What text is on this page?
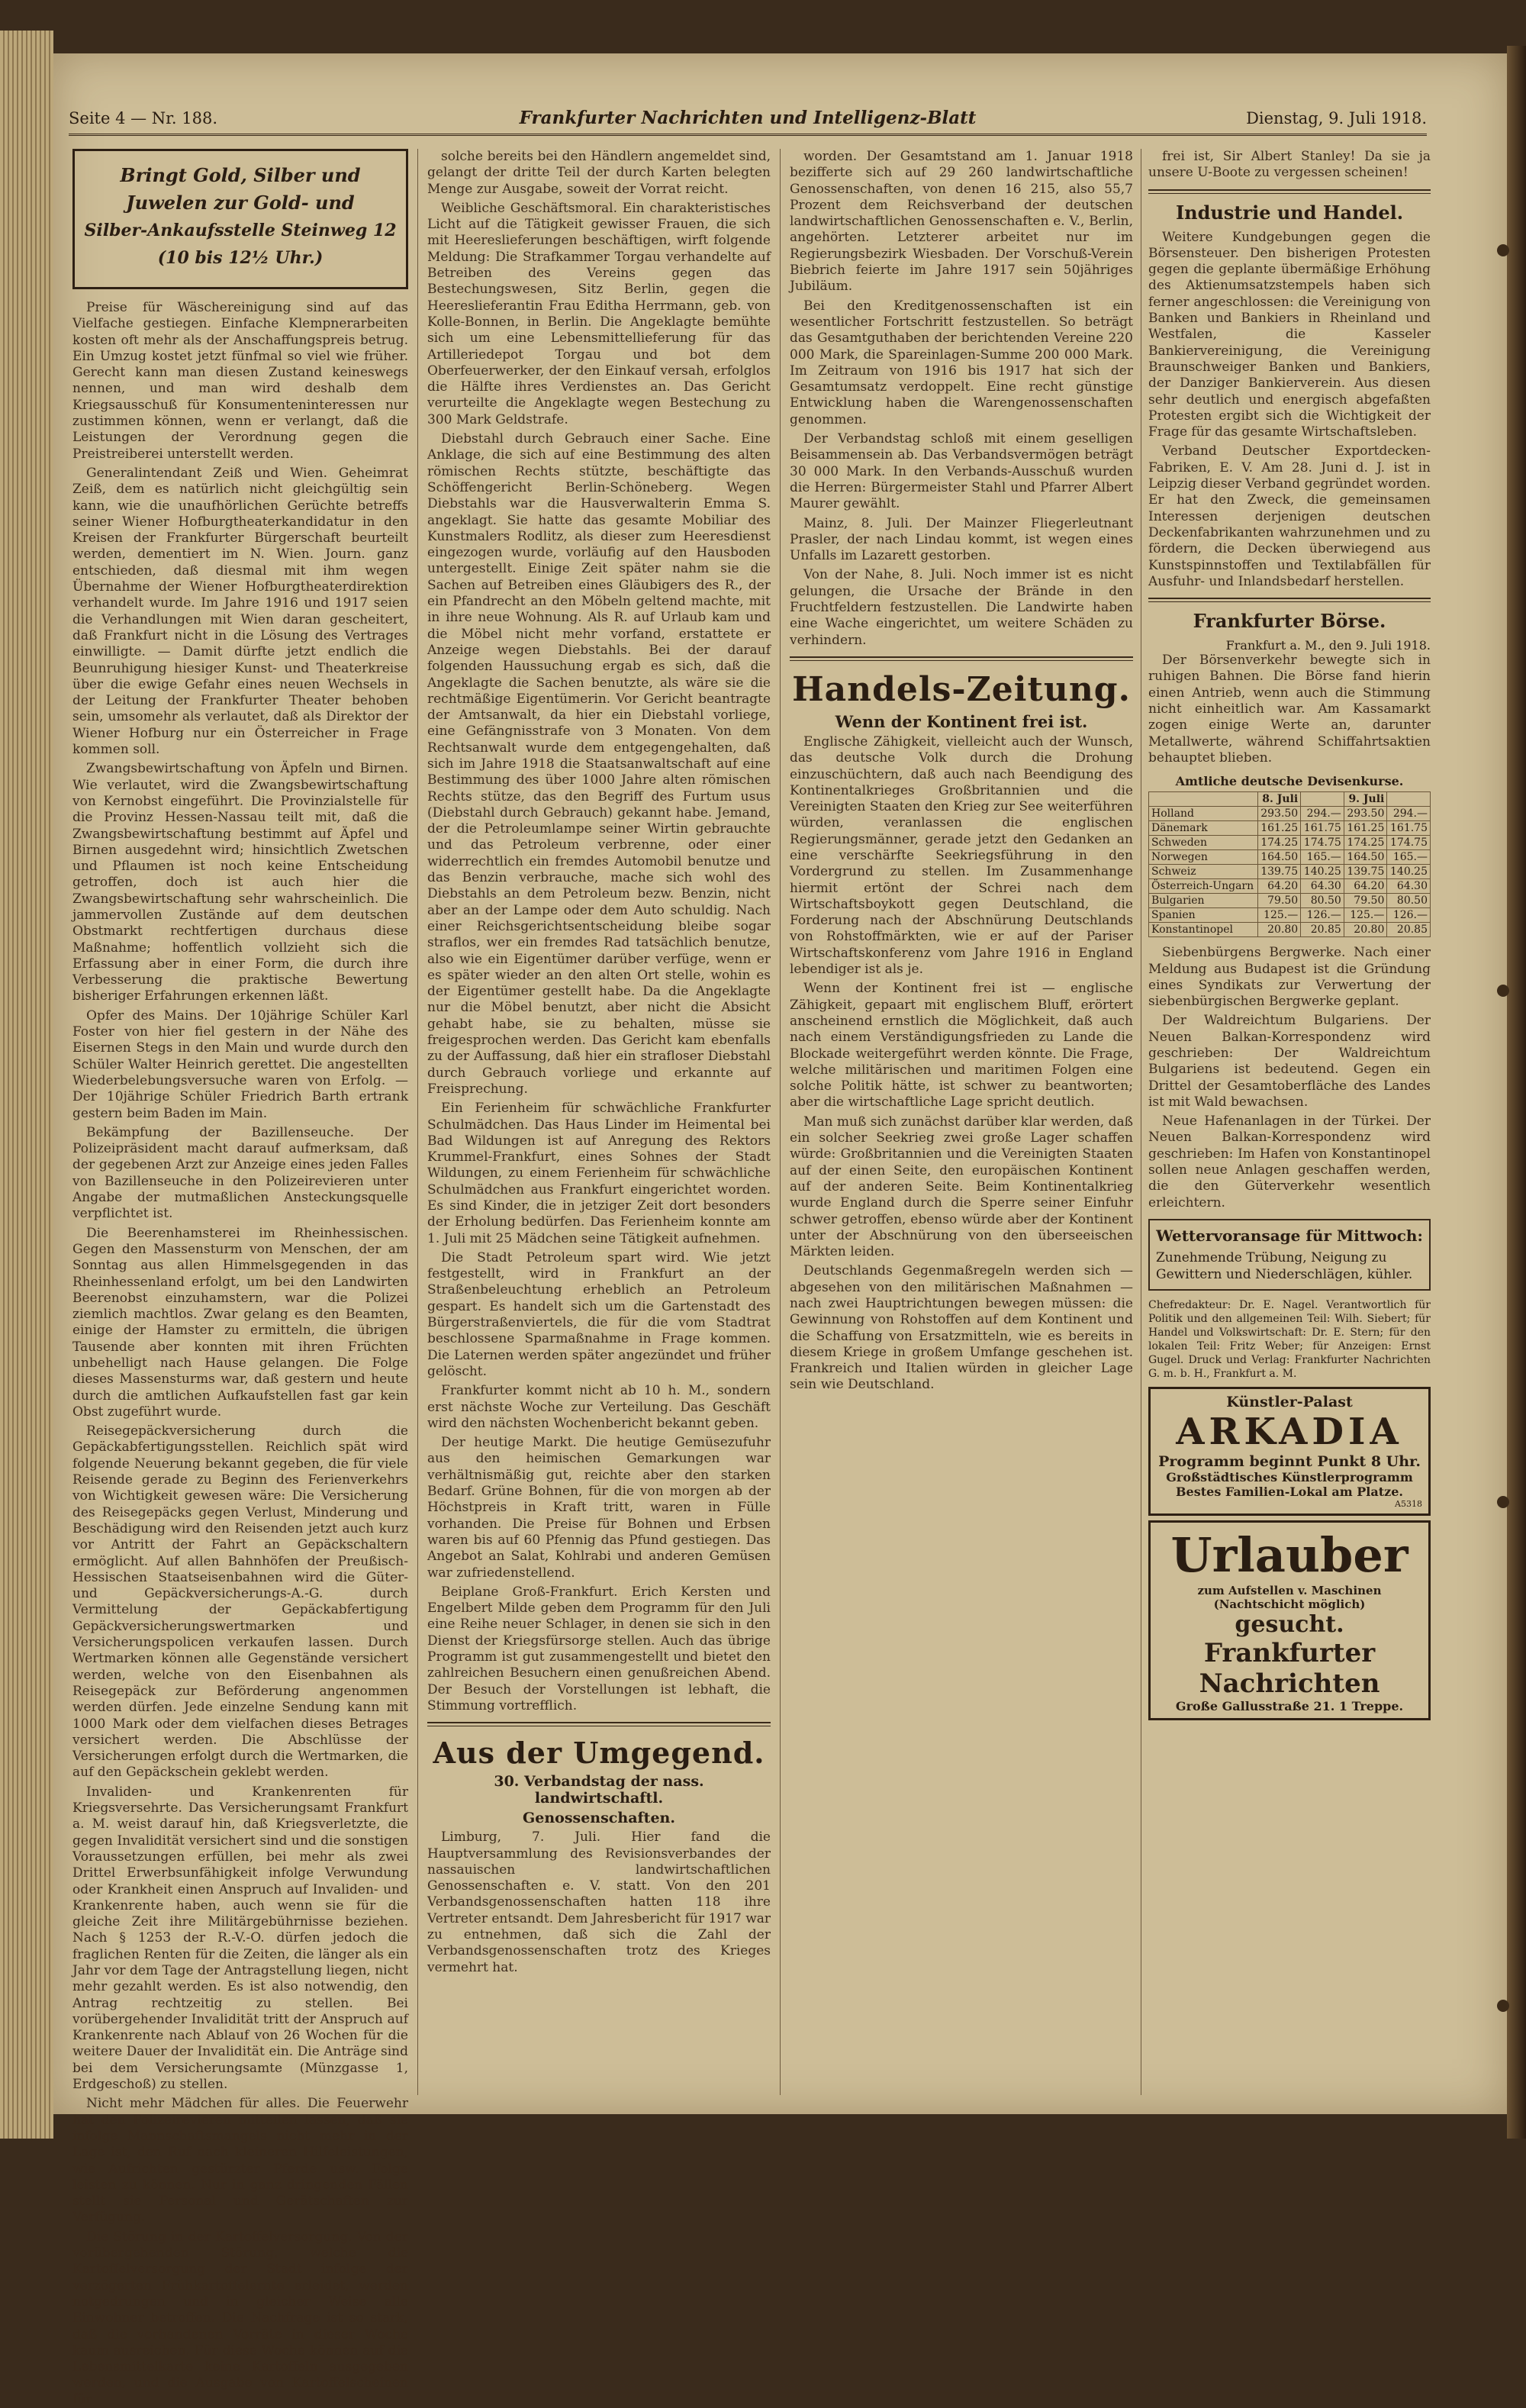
Seite 4 — Nr. 188.	Frankfurter Nachrichten und Intelligenz-Blatt	Dienstag, 9. Juli 1918.
Bringt Gold, Silber und
Juwelen zur Gold- und
Silber-Ankaufsstelle Steinweg 12
(10 bis 12½ Uhr.)

Preise für Wäschereinigung sind auf das Vielfache gestiegen. Einfache Klempnerarbeiten kosten oft mehr als der Anschaffungspreis betrug. Ein Umzug kostet jetzt fünfmal so viel wie früher. Gerecht kann man diesen Zustand keineswegs nennen, und man wird deshalb dem Kriegsausschuß für Konsumenteninteressen nur zustimmen können, wenn er verlangt, daß die Leistungen der Verordnung gegen die Preistreiberei unterstellt werden.

Generalintendant Zeiß und Wien. Geheimrat Zeiß, dem es natürlich nicht gleichgültig sein kann, wie die unaufhörlichen Gerüchte betreffs seiner Wiener Hofburgtheaterkandidatur in den Kreisen der Frankfurter Bürgerschaft beurteilt werden, dementiert im N. Wien. Journ. ganz entschieden, daß diesmal mit ihm wegen Übernahme der Wiener Hofburgtheaterdirektion verhandelt wurde. Im Jahre 1916 und 1917 seien die Verhandlungen mit Wien daran gescheitert, daß Frankfurt nicht in die Lösung des Vertrages einwilligte. — Damit dürfte jetzt endlich die Beunruhigung hiesiger Kunst- und Theaterkreise über die ewige Gefahr eines neuen Wechsels in der Leitung der Frankfurter Theater behoben sein, umsomehr als verlautet, daß als Direktor der Wiener Hofburg nur ein Österreicher in Frage kommen soll.

Zwangsbewirtschaftung von Äpfeln und Birnen. Wie verlautet, wird die Zwangsbewirtschaftung von Kernobst eingeführt. Die Provinzialstelle für die Provinz Hessen-Nassau teilt mit, daß die Zwangsbewirtschaftung bestimmt auf Äpfel und Birnen ausgedehnt wird; hinsichtlich Zwetschen und Pflaumen ist noch keine Entscheidung getroffen, doch ist auch hier die Zwangsbewirtschaftung sehr wahrscheinlich. Die jammervollen Zustände auf dem deutschen Obstmarkt rechtfertigen durchaus diese Maßnahme; hoffentlich vollzieht sich die Erfassung aber in einer Form, die durch ihre Verbesserung die praktische Bewertung bisheriger Erfahrungen erkennen läßt.

Opfer des Mains. Der 10jährige Schüler Karl Foster von hier fiel gestern in der Nähe des Eisernen Stegs in den Main und wurde durch den Schüler Walter Heinrich gerettet. Die angestellten Wiederbelebungsversuche waren von Erfolg. — Der 10jährige Schüler Friedrich Barth ertrank gestern beim Baden im Main.

Bekämpfung der Bazillenseuche. Der Polizeipräsident macht darauf aufmerksam, daß der gegebenen Arzt zur Anzeige eines jeden Falles von Bazillenseuche in den Polizeirevieren unter Angabe der mutmaßlichen Ansteckungsquelle verpflichtet ist.

Die Beerenhamsterei im Rheinhessischen. Gegen den Massensturm von Menschen, der am Sonntag aus allen Himmelsgegenden in das Rheinhessenland erfolgt, um bei den Landwirten Beerenobst einzuhamstern, war die Polizei ziemlich machtlos. Zwar gelang es den Beamten, einige der Hamster zu ermitteln, die übrigen Tausende aber konnten mit ihren Früchten unbehelligt nach Hause gelangen. Die Folge dieses Massensturms war, daß gestern und heute durch die amtlichen Aufkaufstellen fast gar kein Obst zugeführt wurde.

Reisegepäckversicherung durch die Gepäckabfertigungsstellen. Reichlich spät wird folgende Neuerung bekannt gegeben, die für viele Reisende gerade zu Beginn des Ferienverkehrs von Wichtigkeit gewesen wäre: Die Versicherung des Reisegepäcks gegen Verlust, Minderung und Beschädigung wird den Reisenden jetzt auch kurz vor Antritt der Fahrt an Gepäckschaltern ermöglicht. Auf allen Bahnhöfen der Preußisch-Hessischen Staatseisenbahnen wird die Güter- und Gepäckversicherungs-A.-G. durch Vermittelung der Gepäckabfertigung Gepäckversicherungswertmarken und Versicherungspolicen verkaufen lassen. Durch Wertmarken können alle Gegenstände versichert werden, welche von den Eisenbahnen als Reisegepäck zur Beförderung angenommen werden dürfen. Jede einzelne Sendung kann mit 1000 Mark oder dem vielfachen dieses Betrages versichert werden. Die Abschlüsse der Versicherungen erfolgt durch die Wertmarken, die auf den Gepäckschein geklebt werden.

Invaliden- und Krankenrenten für Kriegsversehrte. Das Versicherungsamt Frankfurt a. M. weist darauf hin, daß Kriegsverletzte, die gegen Invalidität versichert sind und die sonstigen Voraussetzungen erfüllen, bei mehr als zwei Drittel Erwerbsunfähigkeit infolge Verwundung oder Krankheit einen Anspruch auf Invaliden- und Krankenrente haben, auch wenn sie für die gleiche Zeit ihre Militärgebührnisse beziehen. Nach § 1253 der R.-V.-O. dürfen jedoch die fraglichen Renten für die Zeiten, die länger als ein Jahr vor dem Tage der Antragstellung liegen, nicht mehr gezahlt werden. Es ist also notwendig, den Antrag rechtzeitig zu stellen. Bei vorübergehender Invalidität tritt der Anspruch auf Krankenrente nach Ablauf von 26 Wochen für die weitere Dauer der Invalidität ein. Die Anträge sind bei dem Versicherungsamte (Münzgasse 1, Erdgeschoß) zu stellen.

Nicht mehr Mädchen für alles. Die Feuerwehr hat den Polizeirevieren mitteilen lassen, daß sie infolge Mannschaftsmangels nicht mehr in der Lage ist, den Ruf nach kleineren Hilfeleistungen, wie Aufrichten gestürzter Pferde usw. Folge leisten zu können. Nur in ganz dringenden Fällen stellt sie Personal und Gerätschaften zur Verfügung.

Die Störung in der Kartoffelversorgung. Von der vorübergehenden Störung, welche die Kartoffelversorgung der Stadt infolge der verzögerten Frühkartoffelernte erleidet, werden notgedrungen und in gleicher Weise alle Einwohner betroffen. Die Nachfrage ist so stark, daß die vorhandenen Vorräte in dieser Woche kaum ausreichen. Für diese Woche können auf die Lebensmittelkarte keine Kartoffeln ausgegeben werden, und die Ausgabe von Kartoffelscheinen für

solche bereits bei den Händlern angemeldet sind, gelangt der dritte Teil der durch Karten belegten Menge zur Ausgabe, soweit der Vorrat reicht.

Weibliche Geschäftsmoral. Ein charakteristisches Licht auf die Tätigkeit gewisser Frauen, die sich mit Heereslieferungen beschäftigen, wirft folgende Meldung: Die Strafkammer Torgau verhandelte auf Betreiben des Vereins gegen das Bestechungswesen, Sitz Berlin, gegen die Heereslieferantin Frau Editha Herrmann, geb. von Kolle-Bonnen, in Berlin. Die Angeklagte bemühte sich um eine Lebensmittellieferung für das Artilleriedepot Torgau und bot dem Oberfeuerwerker, der den Einkauf versah, erfolglos die Hälfte ihres Verdienstes an. Das Gericht verurteilte die Angeklagte wegen Bestechung zu 300 Mark Geldstrafe.

Diebstahl durch Gebrauch einer Sache. Eine Anklage, die sich auf eine Bestimmung des alten römischen Rechts stützte, beschäftigte das Schöffengericht Berlin-Schöneberg. Wegen Diebstahls war die Hausverwalterin Emma S. angeklagt. Sie hatte das gesamte Mobiliar des Kunstmalers Rodlitz, als dieser zum Heeresdienst eingezogen wurde, vorläufig auf den Hausboden untergestellt. Einige Zeit später nahm sie die Sachen auf Betreiben eines Gläubigers des R., der ein Pfandrecht an den Möbeln geltend machte, mit in ihre neue Wohnung. Als R. auf Urlaub kam und die Möbel nicht mehr vorfand, erstattete er Anzeige wegen Diebstahls. Bei der darauf folgenden Haussuchung ergab es sich, daß die Angeklagte die Sachen benutzte, als wäre sie die rechtmäßige Eigentümerin. Vor Gericht beantragte der Amtsanwalt, da hier ein Diebstahl vorliege, eine Gefängnisstrafe von 3 Monaten. Von dem Rechtsanwalt wurde dem entgegengehalten, daß sich im Jahre 1918 die Staatsanwaltschaft auf eine Bestimmung des über 1000 Jahre alten römischen Rechts stütze, das den Begriff des Furtum usus (Diebstahl durch Gebrauch) gekannt habe. Jemand, der die Petroleumlampe seiner Wirtin gebrauchte und das Petroleum verbrenne, oder einer widerrechtlich ein fremdes Automobil benutze und das Benzin verbrauche, mache sich wohl des Diebstahls an dem Petroleum bezw. Benzin, nicht aber an der Lampe oder dem Auto schuldig. Nach einer Reichsgerichtsentscheidung bleibe sogar straflos, wer ein fremdes Rad tatsächlich benutze, also wie ein Eigentümer darüber verfüge, wenn er es später wieder an den alten Ort stelle, wohin es der Eigentümer gestellt habe. Da die Angeklagte nur die Möbel benutzt, aber nicht die Absicht gehabt habe, sie zu behalten, müsse sie freigesprochen werden. Das Gericht kam ebenfalls zu der Auffassung, daß hier ein strafloser Diebstahl durch Gebrauch vorliege und erkannte auf Freisprechung.

Ein Ferienheim für schwächliche Frankfurter Schulmädchen. Das Haus Linder im Heimental bei Bad Wildungen ist auf Anregung des Rektors Krummel-Frankfurt, eines Sohnes der Stadt Wildungen, zu einem Ferienheim für schwächliche Schulmädchen aus Frankfurt eingerichtet worden. Es sind Kinder, die in jetziger Zeit dort besonders der Erholung bedürfen. Das Ferienheim konnte am 1. Juli mit 25 Mädchen seine Tätigkeit aufnehmen.

Die Stadt Petroleum spart wird. Wie jetzt festgestellt, wird in Frankfurt an der Straßenbeleuchtung erheblich an Petroleum gespart. Es handelt sich um die Gartenstadt des Bürgerstraßenviertels, die für die vom Stadtrat beschlossene Sparmaßnahme in Frage kommen. Die Laternen werden später angezündet und früher gelöscht.

Frankfurter kommt nicht ab 10 h. M., sondern erst nächste Woche zur Verteilung. Das Geschäft wird den nächsten Wochenbericht bekannt geben.

Der heutige Markt. Die heutige Gemüsezufuhr aus den heimischen Gemarkungen war verhältnismäßig gut, reichte aber den starken Bedarf. Grüne Bohnen, für die von morgen ab der Höchstpreis in Kraft tritt, waren in Fülle vorhanden. Die Preise für Bohnen und Erbsen waren bis auf 60 Pfennig das Pfund gestiegen. Das Angebot an Salat, Kohlrabi und anderen Gemüsen war zufriedenstellend.

Beiplane Groß-Frankfurt. Erich Kersten und Engelbert Milde geben dem Programm für den Juli eine Reihe neuer Schlager, in denen sie sich in den Dienst der Kriegsfürsorge stellen. Auch das übrige Programm ist gut zusammengestellt und bietet den zahlreichen Besuchern einen genußreichen Abend. Der Besuch der Vorstellungen ist lebhaft, die Stimmung vortrefflich.

Aus der Umgegend.
30. Verbandstag der nass. landwirtschaftl.
Genossenschaften.

Limburg, 7. Juli. Hier fand die Hauptversammlung des Revisionsverbandes der nassauischen landwirtschaftlichen Genossenschaften e. V. statt. Von den 201 Verbandsgenossenschaften hatten 118 ihre Vertreter entsandt. Dem Jahresbericht für 1917 war zu entnehmen, daß sich die Zahl der Verbandsgenossenschaften trotz des Krieges vermehrt hat.

worden. Der Gesamtstand am 1. Januar 1918 bezifferte sich auf 29 260 landwirtschaftliche Genossenschaften, von denen 16 215, also 55,7 Prozent dem Reichsverband der deutschen landwirtschaftlichen Genossenschaften e. V., Berlin, angehörten. Letzterer arbeitet nur im Regierungsbezirk Wiesbaden. Der Vorschuß-Verein Biebrich feierte im Jahre 1917 sein 50jähriges Jubiläum.

Bei den Kreditgenossenschaften ist ein wesentlicher Fortschritt festzustellen. So beträgt das Gesamtguthaben der berichtenden Vereine 220 000 Mark, die Spareinlagen-Summe 200 000 Mark. Im Zeitraum von 1916 bis 1917 hat sich der Gesamtumsatz verdoppelt. Eine recht günstige Entwicklung haben die Warengenossenschaften genommen.

Der Verbandstag schloß mit einem geselligen Beisammensein ab. Das Verbandsvermögen beträgt 30 000 Mark. In den Verbands-Ausschuß wurden die Herren: Bürgermeister Stahl und Pfarrer Albert Maurer gewählt.

Mainz, 8. Juli. Der Mainzer Fliegerleutnant Prasler, der nach Lindau kommt, ist wegen eines Unfalls im Lazarett gestorben.

Von der Nahe, 8. Juli. Noch immer ist es nicht gelungen, die Ursache der Brände in den Fruchtfeldern festzustellen. Die Landwirte haben eine Wache eingerichtet, um weitere Schäden zu verhindern.

Handels-Zeitung.
Wenn der Kontinent frei ist.

Englische Zähigkeit, vielleicht auch der Wunsch, das deutsche Volk durch die Drohung einzuschüchtern, daß auch nach Beendigung des Kontinentalkrieges Großbritannien und die Vereinigten Staaten den Krieg zur See weiterführen würden, veranlassen die englischen Regierungsmänner, gerade jetzt den Gedanken an eine verschärfte Seekriegsführung in den Vordergrund zu stellen. Im Zusammenhange hiermit ertönt der Schrei nach dem Wirtschaftsboykott gegen Deutschland, die Forderung nach der Abschnürung Deutschlands von Rohstoffmärkten, wie er auf der Pariser Wirtschaftskonferenz vom Jahre 1916 in England lebendiger ist als je.

Wenn der Kontinent frei ist — englische Zähigkeit, gepaart mit englischem Bluff, erörtert anscheinend ernstlich die Möglichkeit, daß auch nach einem Verständigungsfrieden zu Lande die Blockade weitergeführt werden könnte. Die Frage, welche militärischen und maritimen Folgen eine solche Politik hätte, ist schwer zu beantworten; aber die wirtschaftliche Lage spricht deutlich.

Man muß sich zunächst darüber klar werden, daß ein solcher Seekrieg zwei große Lager schaffen würde: Großbritannien und die Vereinigten Staaten auf der einen Seite, den europäischen Kontinent auf der anderen Seite. Beim Kontinentalkrieg wurde England durch die Sperre seiner Einfuhr schwer getroffen, ebenso würde aber der Kontinent unter der Abschnürung von den überseeischen Märkten leiden.

Deutschlands Gegenmaßregeln werden sich — abgesehen von den militärischen Maßnahmen — nach zwei Hauptrichtungen bewegen müssen: die Gewinnung von Rohstoffen auf dem Kontinent und die Schaffung von Ersatzmitteln, wie es bereits in diesem Kriege in großem Umfange geschehen ist. Frankreich und Italien würden in gleicher Lage sein wie Deutschland.

frei ist, Sir Albert Stanley! Da sie ja unsere U-Boote zu vergessen scheinen!

Industrie und Handel.

Weitere Kundgebungen gegen die Börsensteuer. Den bisherigen Protesten gegen die geplante übermäßige Erhöhung des Aktienumsatzstempels haben sich ferner angeschlossen: die Vereinigung von Banken und Bankiers in Rheinland und Westfalen, die Kasseler Bankiervereinigung, die Vereinigung Braunschweiger Banken und Bankiers, der Danziger Bankierverein. Aus diesen sehr deutlich und energisch abgefaßten Protesten ergibt sich die Wichtigkeit der Frage für das gesamte Wirtschaftsleben.

Verband Deutscher Exportdecken-Fabriken, E. V. Am 28. Juni d. J. ist in Leipzig dieser Verband gegründet worden. Er hat den Zweck, die gemeinsamen Interessen derjenigen deutschen Deckenfabrikanten wahrzunehmen und zu fördern, die Decken überwiegend aus Kunstspinnstoffen und Textilabfällen für Ausfuhr- und Inlandsbedarf herstellen.

Frankfurter Börse.
Frankfurt a. M., den 9. Juli 1918.

Der Börsenverkehr bewegte sich in ruhigen Bahnen. Die Börse fand hierin einen Antrieb, wenn auch die Stimmung nicht einheitlich war. Am Kassamarkt zogen einige Werte an, darunter Metallwerte, während Schiffahrtsaktien behauptet blieben.

Amtliche deutsche Devisenkurse.
	8. Juli		9. Juli	
Holland	293.50	294.—	293.50	294.—
Dänemark	161.25	161.75	161.25	161.75
Schweden	174.25	174.75	174.25	174.75
Norwegen	164.50	165.—	164.50	165.—
Schweiz	139.75	140.25	139.75	140.25
Österreich-Ungarn	64.20	64.30	64.20	64.30
Bulgarien	79.50	80.50	79.50	80.50
Spanien	125.—	126.—	125.—	126.—
Konstantinopel	20.80	20.85	20.80	20.85

Siebenbürgens Bergwerke. Nach einer Meldung aus Budapest ist die Gründung eines Syndikats zur Verwertung der siebenbürgischen Bergwerke geplant.

Der Waldreichtum Bulgariens. Der Neuen Balkan-Korrespondenz wird geschrieben: Der Waldreichtum Bulgariens ist bedeutend. Gegen ein Drittel der Gesamtoberfläche des Landes ist mit Wald bewachsen.

Neue Hafenanlagen in der Türkei. Der Neuen Balkan-Korrespondenz wird geschrieben: Im Hafen von Konstantinopel sollen neue Anlagen geschaffen werden, die den Güterverkehr wesentlich erleichtern.

Wettervoransage für Mittwoch:
Zunehmende Trübung, Neigung zu Gewittern und Niederschlägen, kühler.
Chefredakteur: Dr. E. Nagel. Verantwortlich für Politik und den allgemeinen Teil: Wilh. Siebert; für Handel und Volkswirtschaft: Dr. E. Stern; für den lokalen Teil: Fritz Weber; für Anzeigen: Ernst Gugel. Druck und Verlag: Frankfurter Nachrichten G. m. b. H., Frankfurt a. M.
Künstler-Palast
ARKADIA
Programm beginnt Punkt 8 Uhr.
Großstädtisches Künstlerprogramm
Bestes Familien-Lokal am Platze.
A5318
Urlauber
zum Aufstellen v. Maschinen (Nachtschicht möglich)
gesucht.
Frankfurter Nachrichten
Große Gallusstraße 21. 1 Treppe.
